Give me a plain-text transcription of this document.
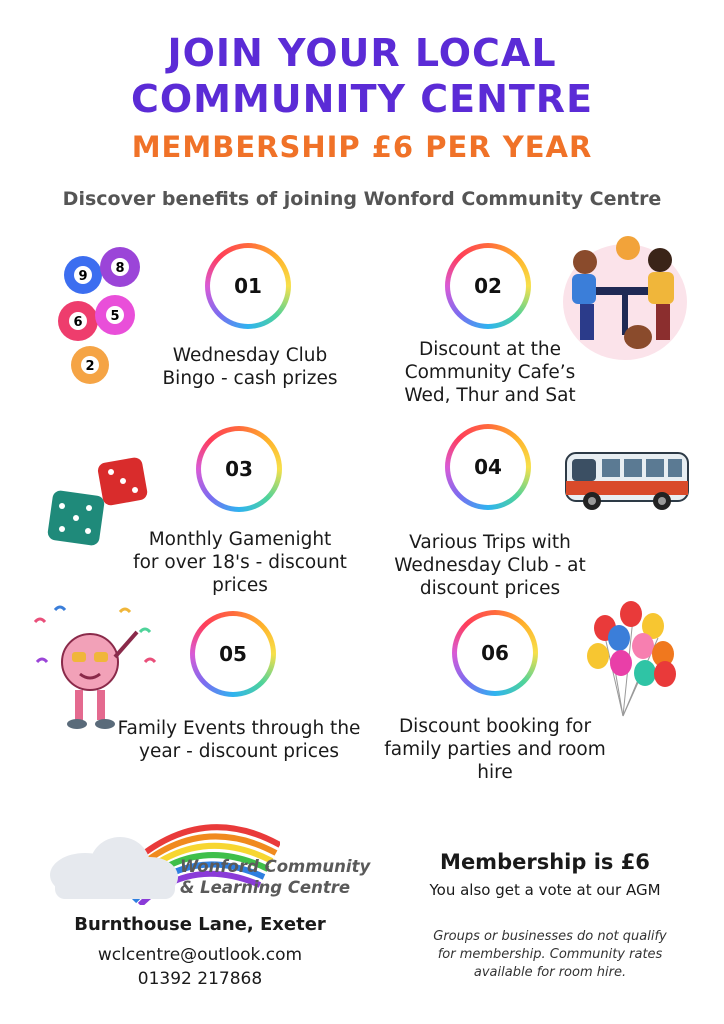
JOIN YOUR LOCAL
COMMUNITY CENTRE
MEMBERSHIP £6 PER YEAR
Discover benefits of joining Wonford Community Centre
9
8
6 5
2
01
Wednesday Club
Bingo - cash prizes
02
Discount at the
Community Cafe’s
Wed, Thur and Sat
03
Monthly Gamenight
for over 18's - discount
prices
04
Various Trips with
Wednesday Club - at
discount prices
05
Family Events through the
year - discount prices
06
Discount booking for
family parties and room
hire
Wonford Community
& Learning Centre
Burnthouse Lane, Exeter
wclcentre@outlook.com
01392 217868
Membership is £6
You also get a vote at our AGM
Groups or businesses do not qualify
for membership. Community rates
available for room hire.
